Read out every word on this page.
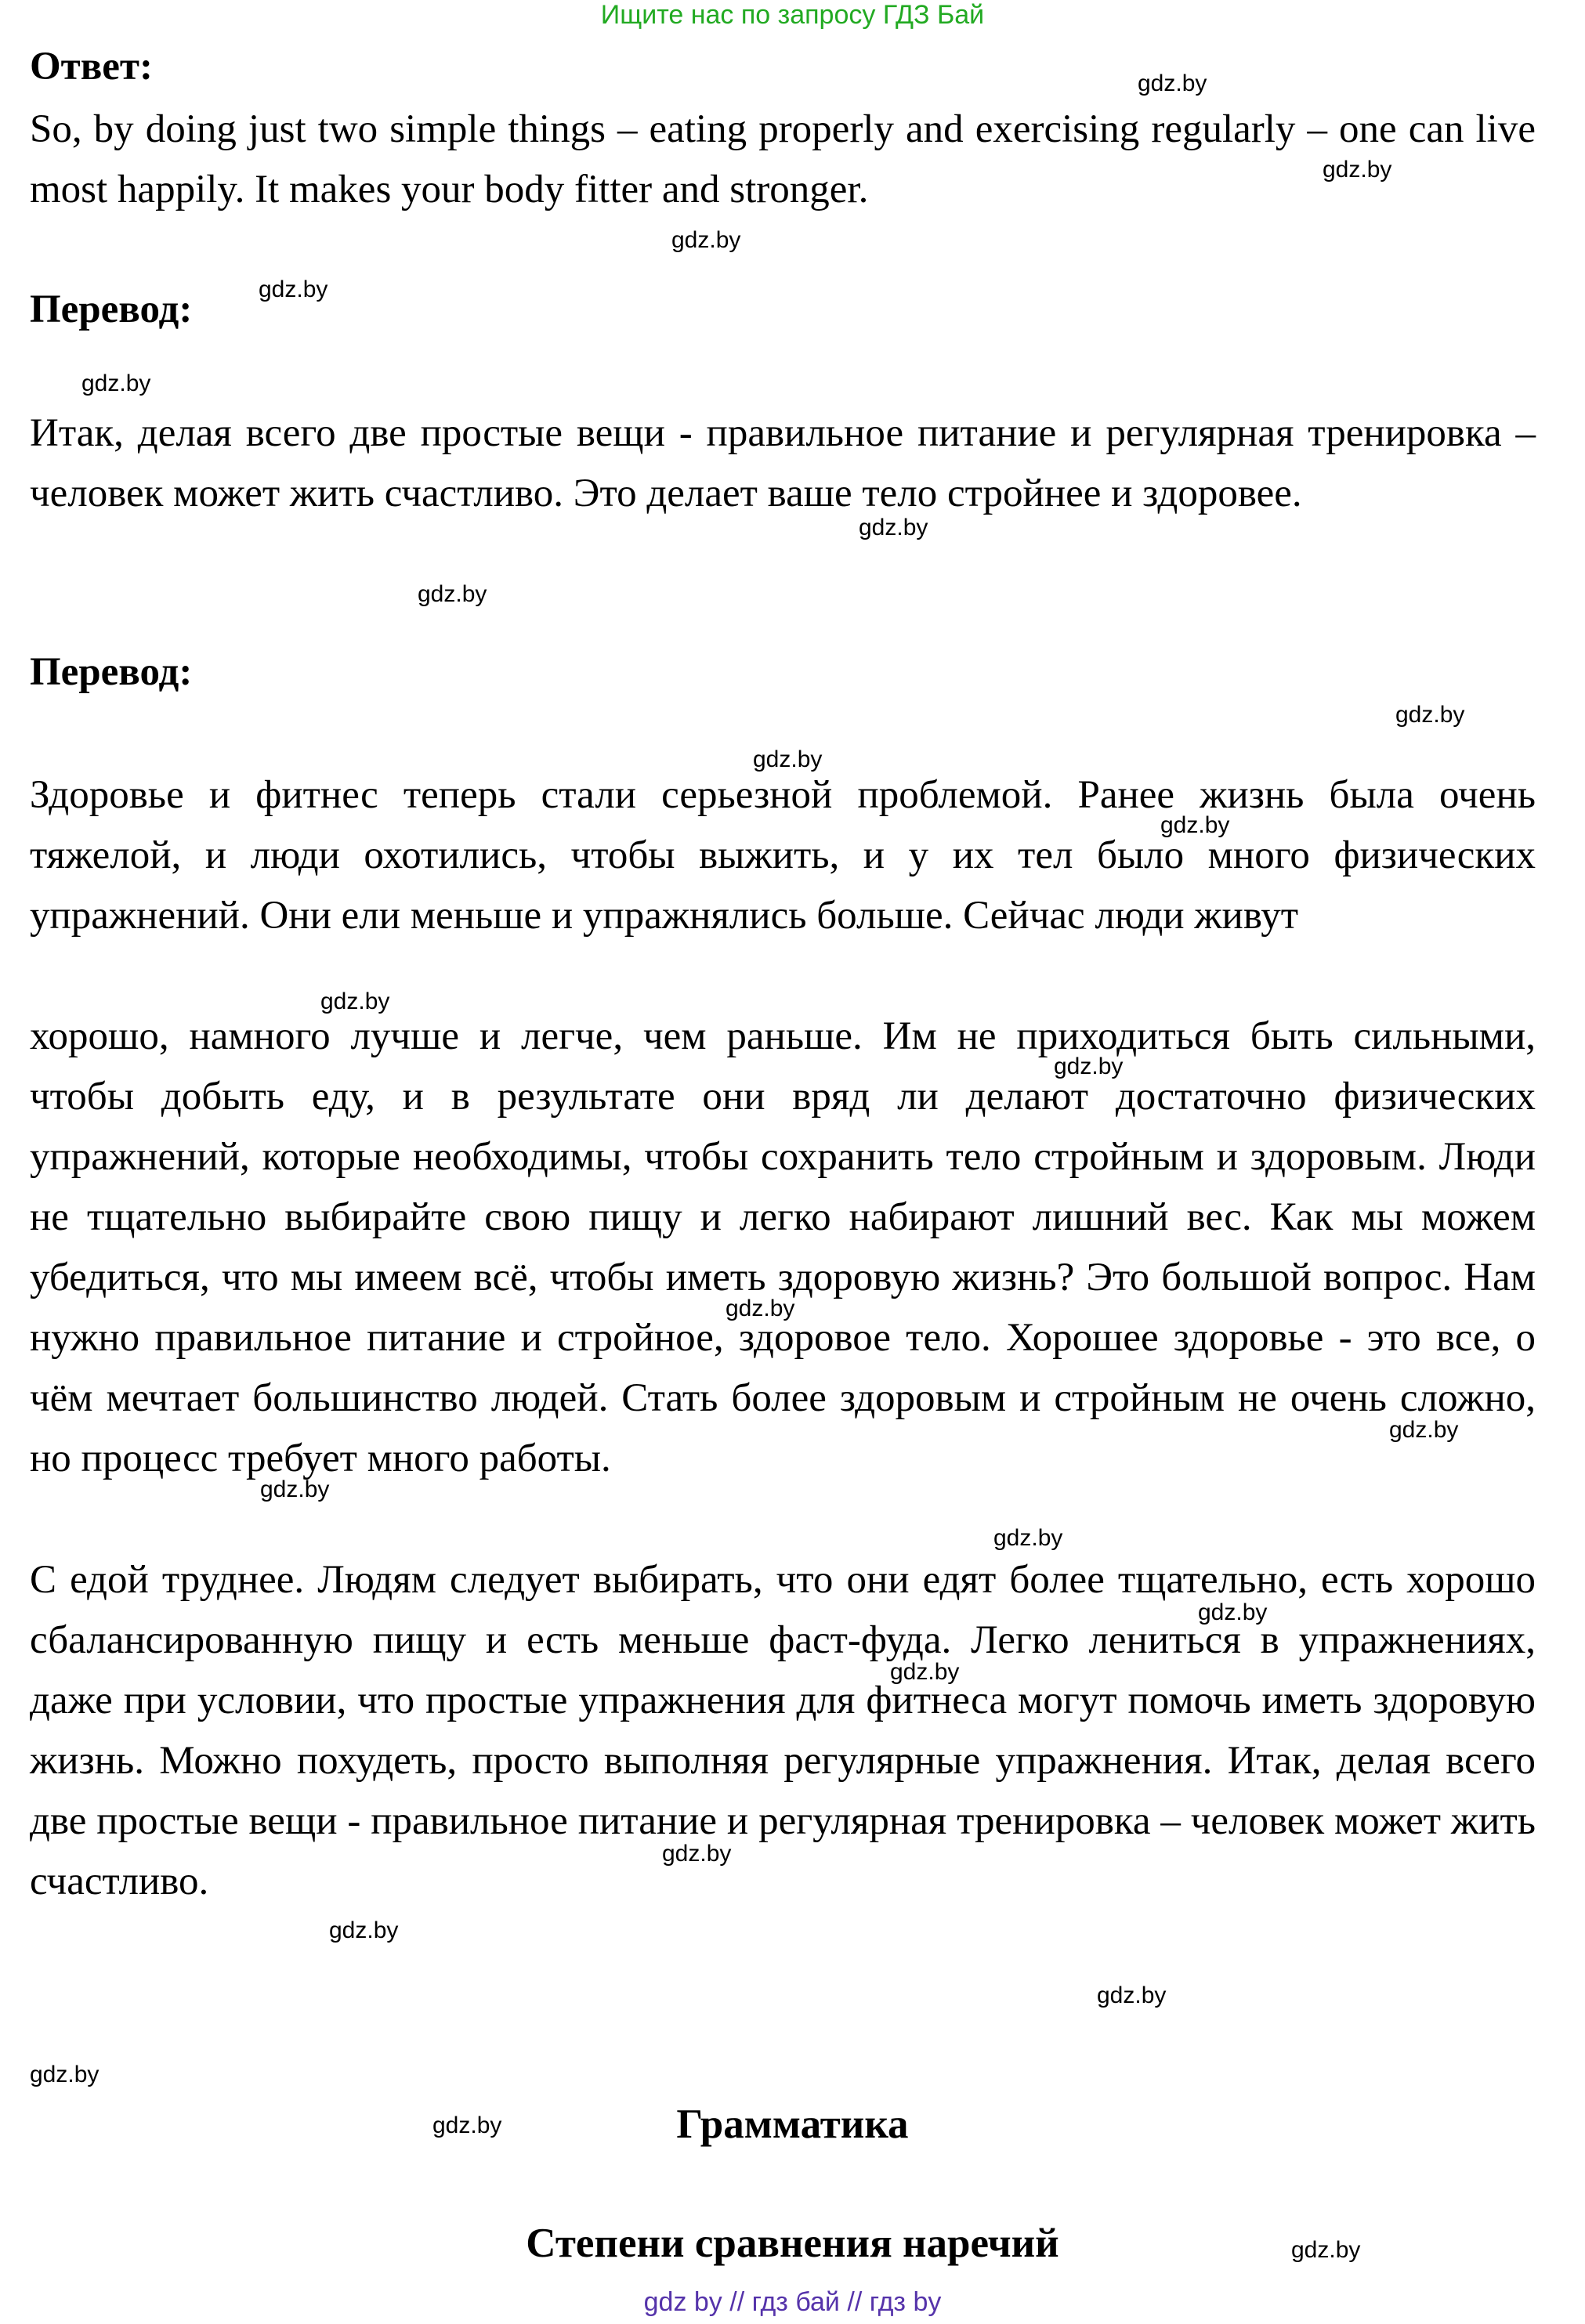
Ищите нас по запросу ГДЗ Бай
Ответ:
So, by doing just two simple things – eating properly and exercising regularly – one can live most happily. It makes your body fitter and stronger.
Перевод:
Итак, делая всего две простые вещи - правильное питание и регулярная тренировка – человек может жить счастливо. Это делает ваше тело стройнее и здоровее.
Перевод:
Здоровье и фитнес теперь стали серьезной проблемой. Ранее жизнь была очень тяжелой, и люди охотились, чтобы выжить, и у их тел было много физических упражнений. Они ели меньше и упражнялись больше. Сейчас люди живут
хорошо, намного лучше и легче, чем раньше. Им не приходиться быть сильными, чтобы добыть еду, и в результате они вряд ли делают достаточно физических упражнений, которые необходимы, чтобы сохранить тело стройным и здоровым. Люди не тщательно выбирайте свою пищу и легко набирают лишний вес. Как мы можем убедиться, что мы имеем всё, чтобы иметь здоровую жизнь? Это большой вопрос. Нам нужно правильное питание и стройное, здоровое тело. Хорошее здоровье - это все, о чём мечтает большинство людей. Стать более здоровым и стройным не очень сложно, но процесс требует много работы.
С едой труднее. Людям следует выбирать, что они едят более тщательно, есть хорошо сбалансированную пищу и есть меньше фаст-фуда. Легко лениться в упражнениях, даже при условии, что простые упражнения для фитнеса могут помочь иметь здоровую жизнь. Можно похудеть, просто выполняя регулярные упражнения. Итак, делая всего две простые вещи - правильное питание и регулярная тренировка – человек может жить счастливо.
Грамматика
Степени сравнения наречий
gdz.by
gdz.by
gdz.by
gdz.by
gdz.by
gdz.by
gdz.by
gdz.by
gdz.by
gdz.by
gdz.by
gdz.by
gdz.by
gdz.by
gdz.by
gdz.by
gdz.by
gdz.by
gdz.by
gdz.by
gdz.by
gdz.by
gdz.by
gdz.by
gdz by // гдз бай // гдз by
